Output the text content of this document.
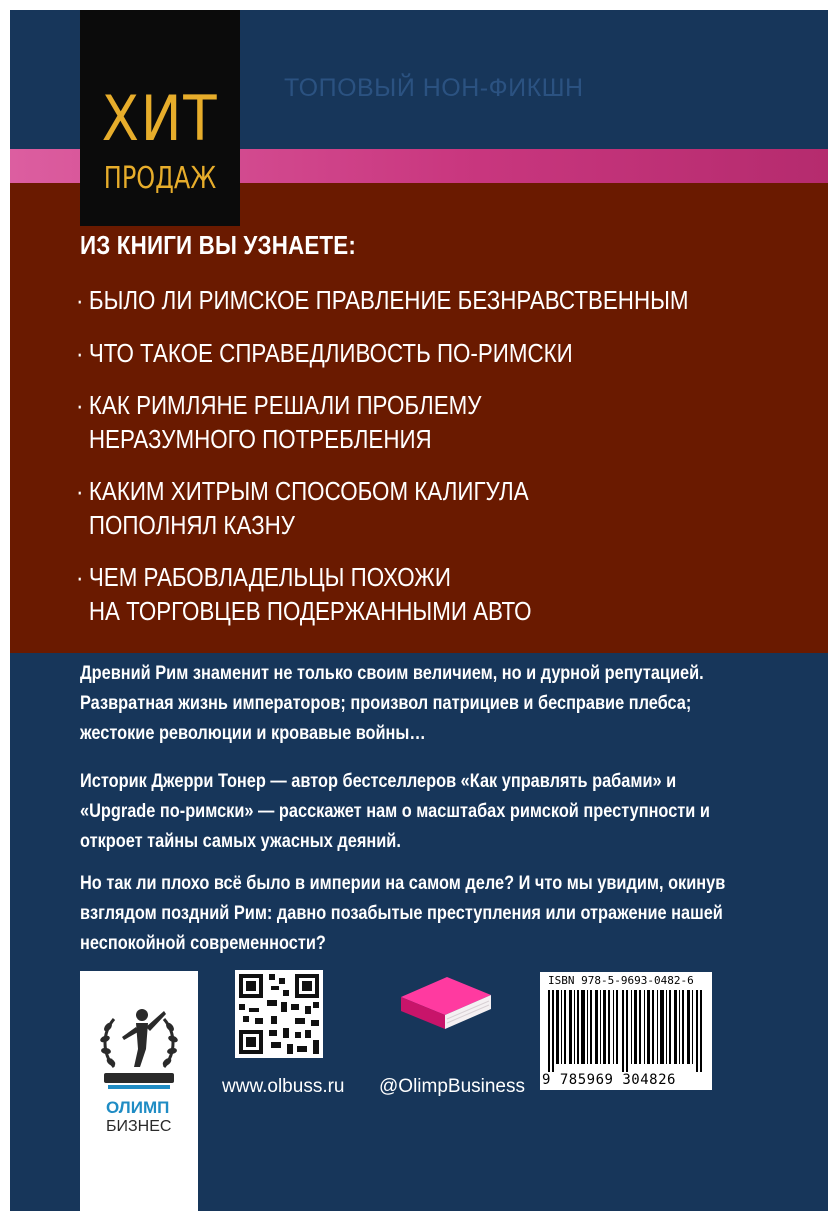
ТОПОВЫЙ НОН-ФИКШН
ХИТ
ПРОДАЖ
ИЗ КНИГИ ВЫ УЗНАЕТЕ:
· БЫЛО ЛИ РИМСКОЕ ПРАВЛЕНИЕ БЕЗНРАВСТВЕННЫМ
· ЧТО ТАКОЕ СПРАВЕДЛИВОСТЬ ПО-РИМСКИ
· КАК РИМЛЯНЕ РЕШАЛИ ПРОБЛЕМУ
НЕРАЗУМНОГО ПОТРЕБЛЕНИЯ
· КАКИМ ХИТРЫМ СПОСОБОМ КАЛИГУЛА
ПОПОЛНЯЛ КАЗНУ
· ЧЕМ РАБОВЛАДЕЛЬЦЫ ПОХОЖИ
НА ТОРГОВЦЕВ ПОДЕРЖАННЫМИ АВТО
Древний Рим знаменит не только своим величием, но и дурной репутацией.
Развратная жизнь императоров; произвол патрициев и бесправие плебса;
жестокие революции и кровавые войны…
Историк Джерри Тонер — автор бестселлеров «Как управлять рабами» и
«Upgrade по-римски» — расскажет нам о масштабах римской преступности и
откроет тайны самых ужасных деяний.
Но так ли плохо всё было в империи на самом деле? И что мы увидим, окинув
взглядом поздний Рим: давно позабытые преступления или отражение нашей
неспокойной современности?
ОЛИМП
БИЗНЕС
www.olbuss.ru @OlimpBusiness
ISBN 978-5-9693-0482-6
9 785969 304826
